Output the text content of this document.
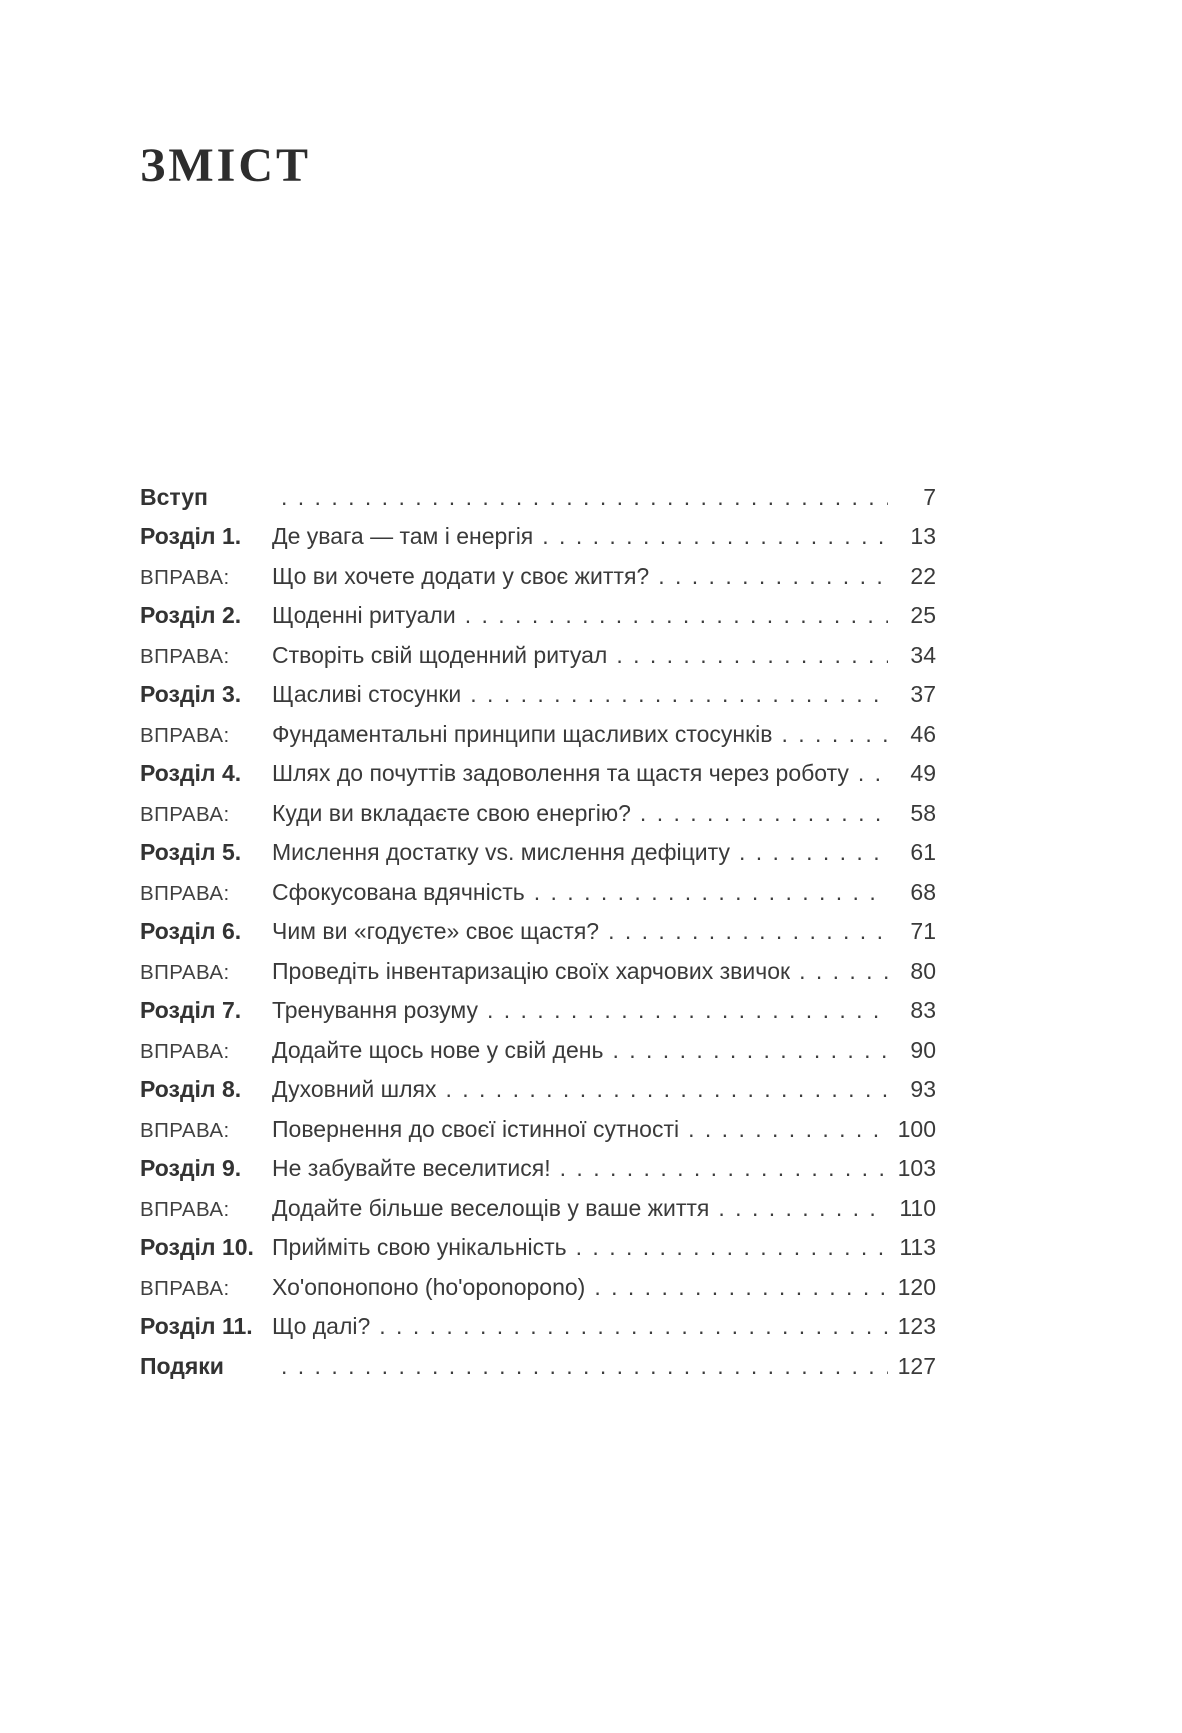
ЗМІСТ
Вступ . . .	7
Розділ 1.	Де увага — там і енергія . . .	13
ВПРАВА:	Що ви хочете додати у своє життя? . . .	22
Розділ 2.	Щоденні ритуали . . .	25
ВПРАВА:	Створіть свій щоденний ритуал . . .	34
Розділ 3.	Щасливі стосунки . . .	37
ВПРАВА:	Фундаментальні принципи щасливих стосунків . . .	46
Розділ 4.	Шлях до почуттів задоволення та щастя через роботу . . .	49
ВПРАВА:	Куди ви вкладаєте свою енергію? . . .	58
Розділ 5.	Мислення достатку vs. мислення дефіциту . . .	61
ВПРАВА:	Сфокусована вдячність . . .	68
Розділ 6.	Чим ви «годуєте» своє щастя? . . .	71
ВПРАВА:	Проведіть інвентаризацію своїх харчових звичок . . .	80
Розділ 7.	Тренування розуму . . .	83
ВПРАВА:	Додайте щось нове у свій день . . .	90
Розділ 8.	Духовний шлях . . .	93
ВПРАВА:	Повернення до своєї істинної сутності . . .	100
Розділ 9.	Не забувайте веселитися! . . .	103
ВПРАВА:	Додайте більше веселощів у ваше життя . . .	110
Розділ 10. Прийміть свою унікальність . . .	113
ВПРАВА:	Хо'опонопоно (ho'oponopono) . . .	120
Розділ 11. Що далі? . . .	123
Подяки . . .	127
